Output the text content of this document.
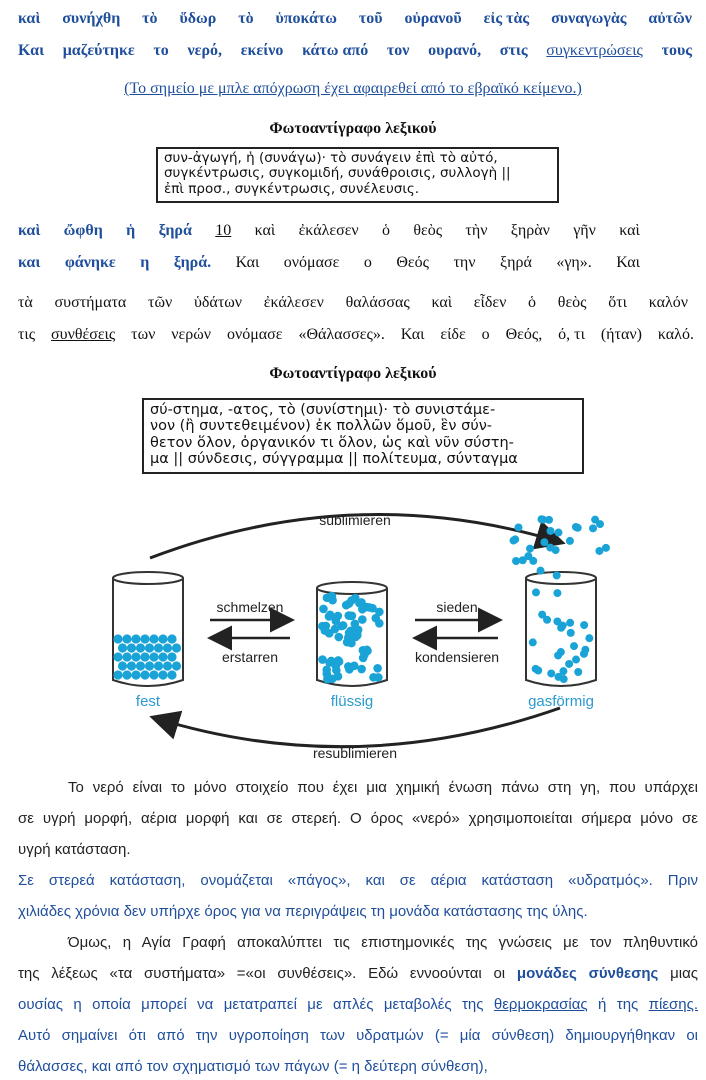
καὶ συνήχθη τὸ ὕδωρ τὸ ὑποκάτω τοῦ οὐρανοῦ εἰς τὰς συναγωγὰς αὐτῶν
Και μαζεύτηκε το νερό, εκείνο κάτω από τον ουρανό, στις συγκεντρώσεις τους
(Το σημείο με μπλε απόχρωση έχει αφαιρεθεί από το εβραϊκό κείμενο.)
Φωτοαντίγραφο λεξικού
συν-ἀγωγή, ἡ (συνάγω)· τὸ συνάγειν ἐπὶ τὸ αὐτό,
συγκέντρωσις, συγκομιδή, συνάθροισις, συλλογὴ ||
ἐπὶ προσ., συγκέντρωσις, συνέλευσις.
καὶ ὤφθη ἡ ξηρά 10 καὶ ἐκάλεσεν ὁ θεὸς τὴν ξηρὰν γῆν καὶ
και φάνηκε η ξηρά. Και ονόμασε ο Θεός την ξηρά «γη». Και
τὰ συστήματα τῶν ὑδάτων ἐκάλεσεν θαλάσσας καὶ εἶδεν ὁ θεὸς ὅτι καλόν
τις συνθέσεις των νερών ονόμασε «Θάλασσες». Και είδε ο Θεός, ό, τι (ήταν) καλό.
Φωτοαντίγραφο λεξικού
σύ-στημα, -ατος, τὸ (συνίστημι)· τὸ συνιστάμε-
νον (ἢ συντεθειμένον) ἐκ πολλῶν ὅμοῦ, ἓν σύν-
θετον ὅλον, ὀργανικόν τι ὅλον, ὡς καὶ νῦν σύστη-
μα || σύνδεσις, σύγγραμμα || πολίτευμα, σύνταγμα
sublimieren
resublimieren
schmelzen
erstarren
sieden
kondensieren
fest	flüssig	gasförmig
Το νερό είναι το μόνο στοιχείο που έχει μια χημική ένωση πάνω στη γη, που υπάρχει
σε υγρή μορφή, αέρια μορφή και σε στερεή. Ο όρος «νερό» χρησιμοποιείται σήμερα μόνο σε
υγρή κατάσταση.
Σε στερεά κατάσταση, ονομάζεται «πάγος», και σε αέρια κατάσταση «υδρατμός». Πριν
χιλιάδες χρόνια δεν υπήρχε όρος για να περιγράψεις τη μονάδα κατάστασης της ύλης.
Όμως, η Αγία Γραφή αποκαλύπτει τις επιστημονικές της γνώσεις με τον πληθυντικό
της λέξεως «τα συστήματα» =«οι συνθέσεις». Εδώ εννοούνται οι μονάδες σύνθεσης μιας
ουσίας η οποία μπορεί να μετατραπεί με απλές μεταβολές της θερμοκρασίας ή της πίεσης.
Αυτό σημαίνει ότι από την υγροποίηση των υδρατμών (= μία σύνθεση) δημιουργήθηκαν οι
θάλασσες, και από τον σχηματισμό των πάγων (= η δεύτερη σύνθεση),
